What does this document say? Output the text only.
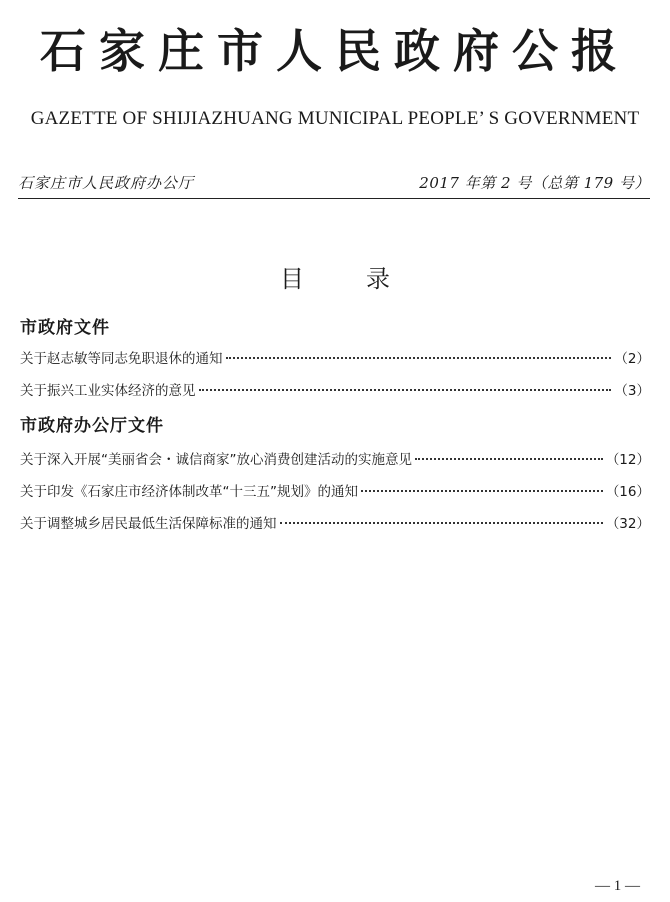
石家庄市人民政府公报
GAZETTE OF SHIJIAZHUANG MUNICIPAL PEOPLE’ S GOVERNMENT
石家庄市人民政府办公厅	2017 年第 2 号（总第 179 号）
目	录
市政府文件
关于赵志敏等同志免职退休的通知	（2）
关于振兴工业实体经济的意见	（3）
市政府办公厅文件
关于深入开展“美丽省会・诚信商家”放心消费创建活动的实施意见	（12）
关于印发《石家庄市经济体制改革“十三五”规划》的通知	（16）
关于调整城乡居民最低生活保障标准的通知	（32）
— 1 —
